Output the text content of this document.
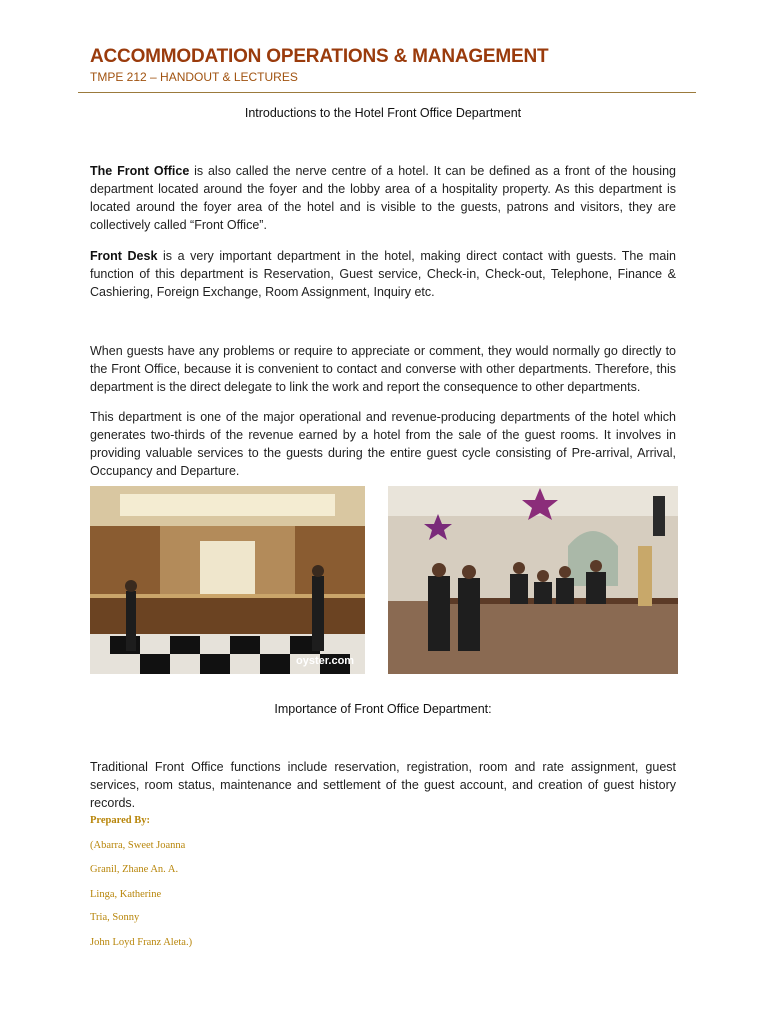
ACCOMMODATION OPERATIONS & MANAGEMENT
TMPE 212 – HANDOUT & LECTURES
Introductions to the Hotel Front Office Department

The Front Office is also called the nerve centre of a hotel. It can be defined as a front of the housing department located around the foyer and the lobby area of a hospitality property. As this department is located around the foyer area of the hotel and is visible to the guests, patrons and visitors, they are collectively called “Front Office”.

Front Desk is a very important department in the hotel, making direct contact with guests. The main function of this department is Reservation, Guest service, Check-in, Check-out, Telephone, Finance & Cashiering, Foreign Exchange, Room Assignment, Inquiry etc.

When guests have any problems or require to appreciate or comment, they would normally go directly to the Front Office, because it is convenient to contact and converse with other departments. Therefore, this department is the direct delegate to link the work and report the consequence to other departments.

This department is one of the major operational and revenue-producing departments of the hotel which generates two-thirds of the revenue earned by a hotel from the sale of the guest rooms. It involves in providing valuable services to the guests during the entire guest cycle consisting of Pre-arrival, Arrival, Occupancy and Departure.

oyster.com
Importance of Front Office Department:

Traditional Front Office functions include reservation, registration, room and rate assignment, guest services, room status, maintenance and settlement of the guest account, and creation of guest history records.

Prepared By:
(Abarra, Sweet Joanna
Granil, Zhane An. A.
Linga, Katherine
Tria, Sonny
John Loyd Franz Aleta.)
